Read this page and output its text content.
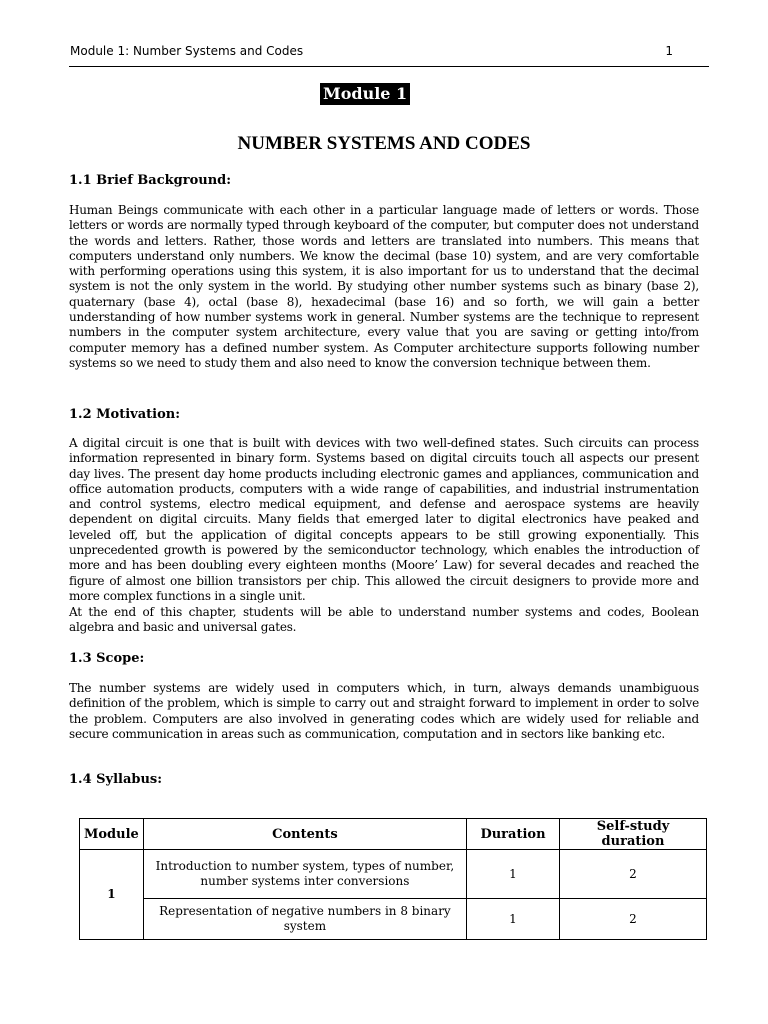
Module 1: Number Systems and Codes	1
Module 1
NUMBER SYSTEMS AND CODES
1.1 Brief Background:

Human Beings communicate with each other in a particular language made of letters or words. Those letters or words are normally typed through keyboard of the computer, but computer does not understand the words and letters. Rather, those words and letters are translated into numbers. This means that computers understand only numbers. We know the decimal (base 10) system, and are very comfortable with performing operations using this system, it is also important for us to understand that the decimal system is not the only system in the world. By studying other number systems such as binary (base 2), quaternary (base 4), octal (base 8), hexadecimal (base 16) and so forth, we will gain a better understanding of how number systems work in general. Number systems are the technique to represent numbers in the computer system architecture, every value that you are saving or getting into/from computer memory has a defined number system. As Computer architecture supports following number systems so we need to study them and also need to know the conversion technique between them.

1.2 Motivation:

A digital circuit is one that is built with devices with two well-defined states. Such circuits can process information represented in binary form. Systems based on digital circuits touch all aspects our present day lives. The present day home products including electronic games and appliances, communication and office automation products, computers with a wide range of capabilities, and industrial instrumentation and control systems, electro medical equipment, and defense and aerospace systems are heavily dependent on digital circuits. Many fields that emerged later to digital electronics have peaked and leveled off, but the application of digital concepts appears to be still growing exponentially. This unprecedented growth is powered by the semiconductor technology, which enables the introduction of more and has been doubling every eighteen months (Moore’ Law) for several decades and reached the figure of almost one billion transistors per chip. This allowed the circuit designers to provide more and more complex functions in a single unit.

At the end of this chapter, students will be able to understand number systems and codes, Boolean algebra and basic and universal gates.

1.3 Scope:

The number systems are widely used in computers which, in turn, always demands unambiguous definition of the problem, which is simple to carry out and straight forward to implement in order to solve the problem. Computers are also involved in generating codes which are widely used for reliable and secure communication in areas such as communication, computation and in sectors like banking etc.

1.4 Syllabus:
Module	Contents	Duration	Self-study duration
1	Introduction to number system, types of number, number systems inter conversions	1	2
	Representation of negative numbers in 8 binary system	1	2
